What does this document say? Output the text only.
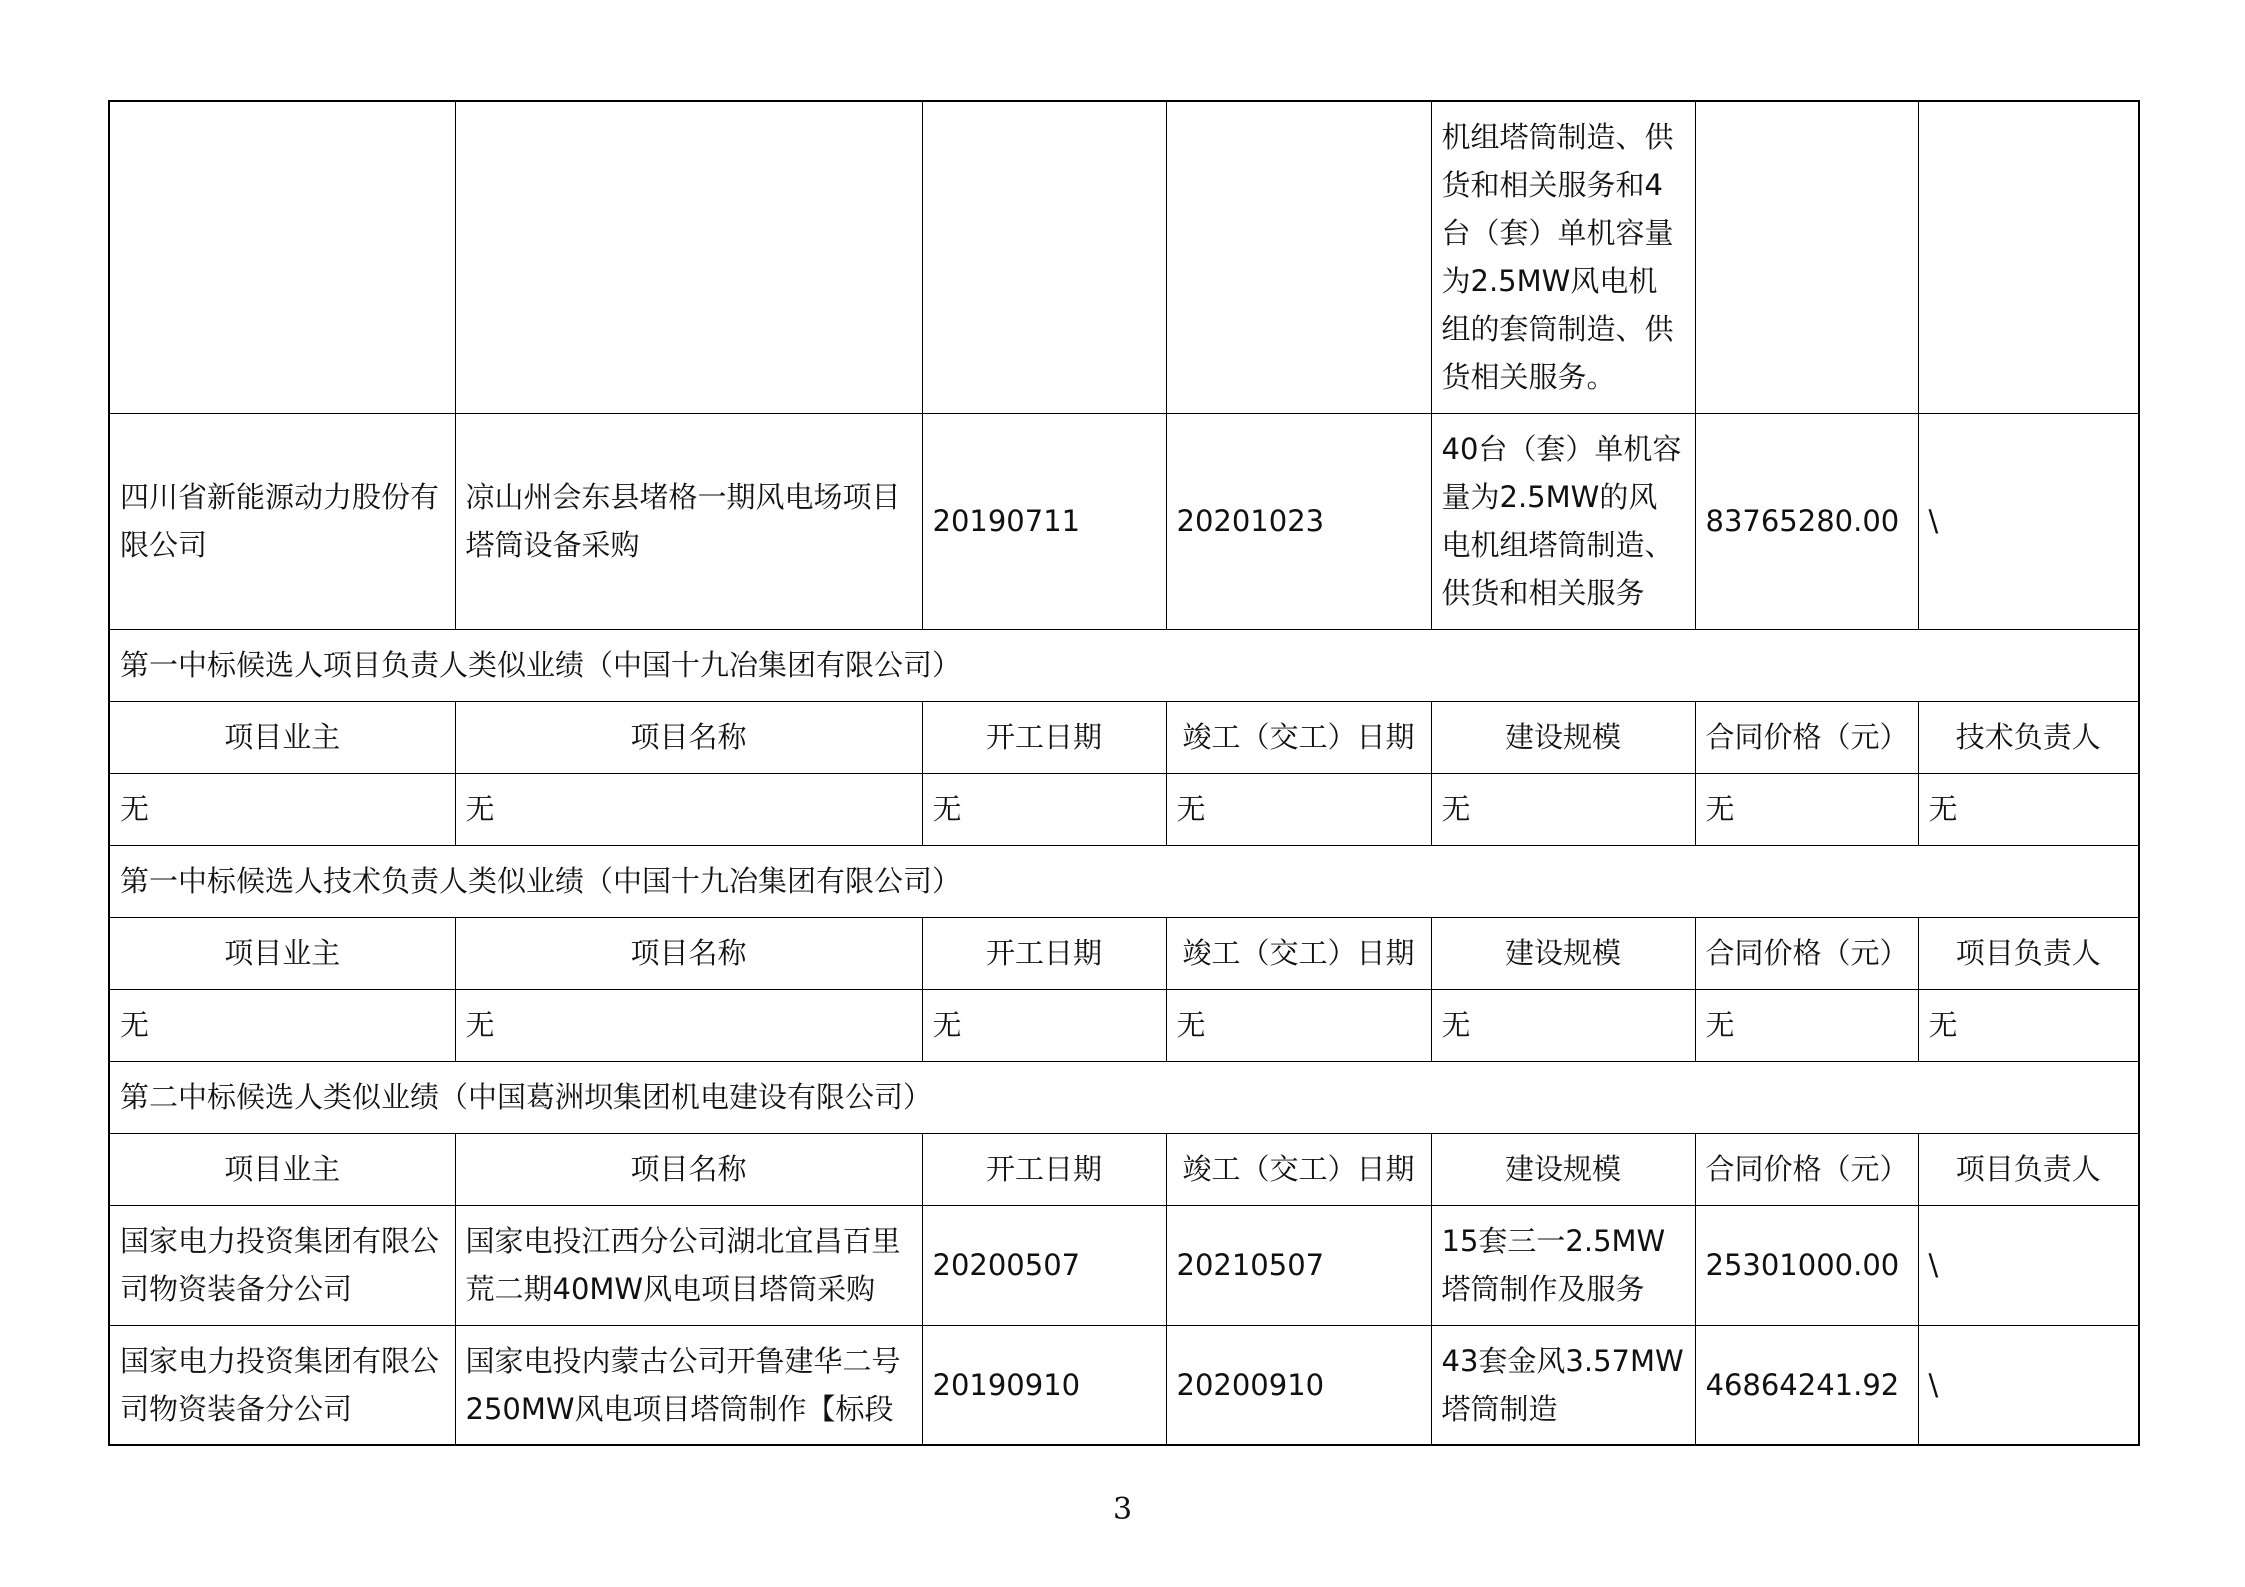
				机组塔筒制造、供货和相关服务和4台（套）单机容量为2.5MW风电机组的套筒制造、供货相关服务。		
四川省新能源动力股份有限公司	凉山州会东县堵格一期风电场项目塔筒设备采购	20190711	20201023	40台（套）单机容量为2.5MW的风电机组塔筒制造、供货和相关服务	83765280.00	\
第一中标候选人项目负责人类似业绩（中国十九冶集团有限公司）						
项目业主	项目名称	开工日期	竣工（交工）日期	建设规模	合同价格（元）	技术负责人
无	无	无	无	无	无	无
第一中标候选人技术负责人类似业绩（中国十九冶集团有限公司）						
项目业主	项目名称	开工日期	竣工（交工）日期	建设规模	合同价格（元）	项目负责人
无	无	无	无	无	无	无
第二中标候选人类似业绩（中国葛洲坝集团机电建设有限公司）						
项目业主	项目名称	开工日期	竣工（交工）日期	建设规模	合同价格（元）	项目负责人
国家电力投资集团有限公司物资装备分公司	国家电投江西分公司湖北宜昌百里荒二期40MW风电项目塔筒采购	20200507	20210507	15套三一2.5MW塔筒制作及服务	25301000.00	\
国家电力投资集团有限公司物资装备分公司	国家电投内蒙古公司开鲁建华二号250MW风电项目塔筒制作【标段	20190910	20200910	43套金风3.57MW塔筒制造	46864241.92	\
3
